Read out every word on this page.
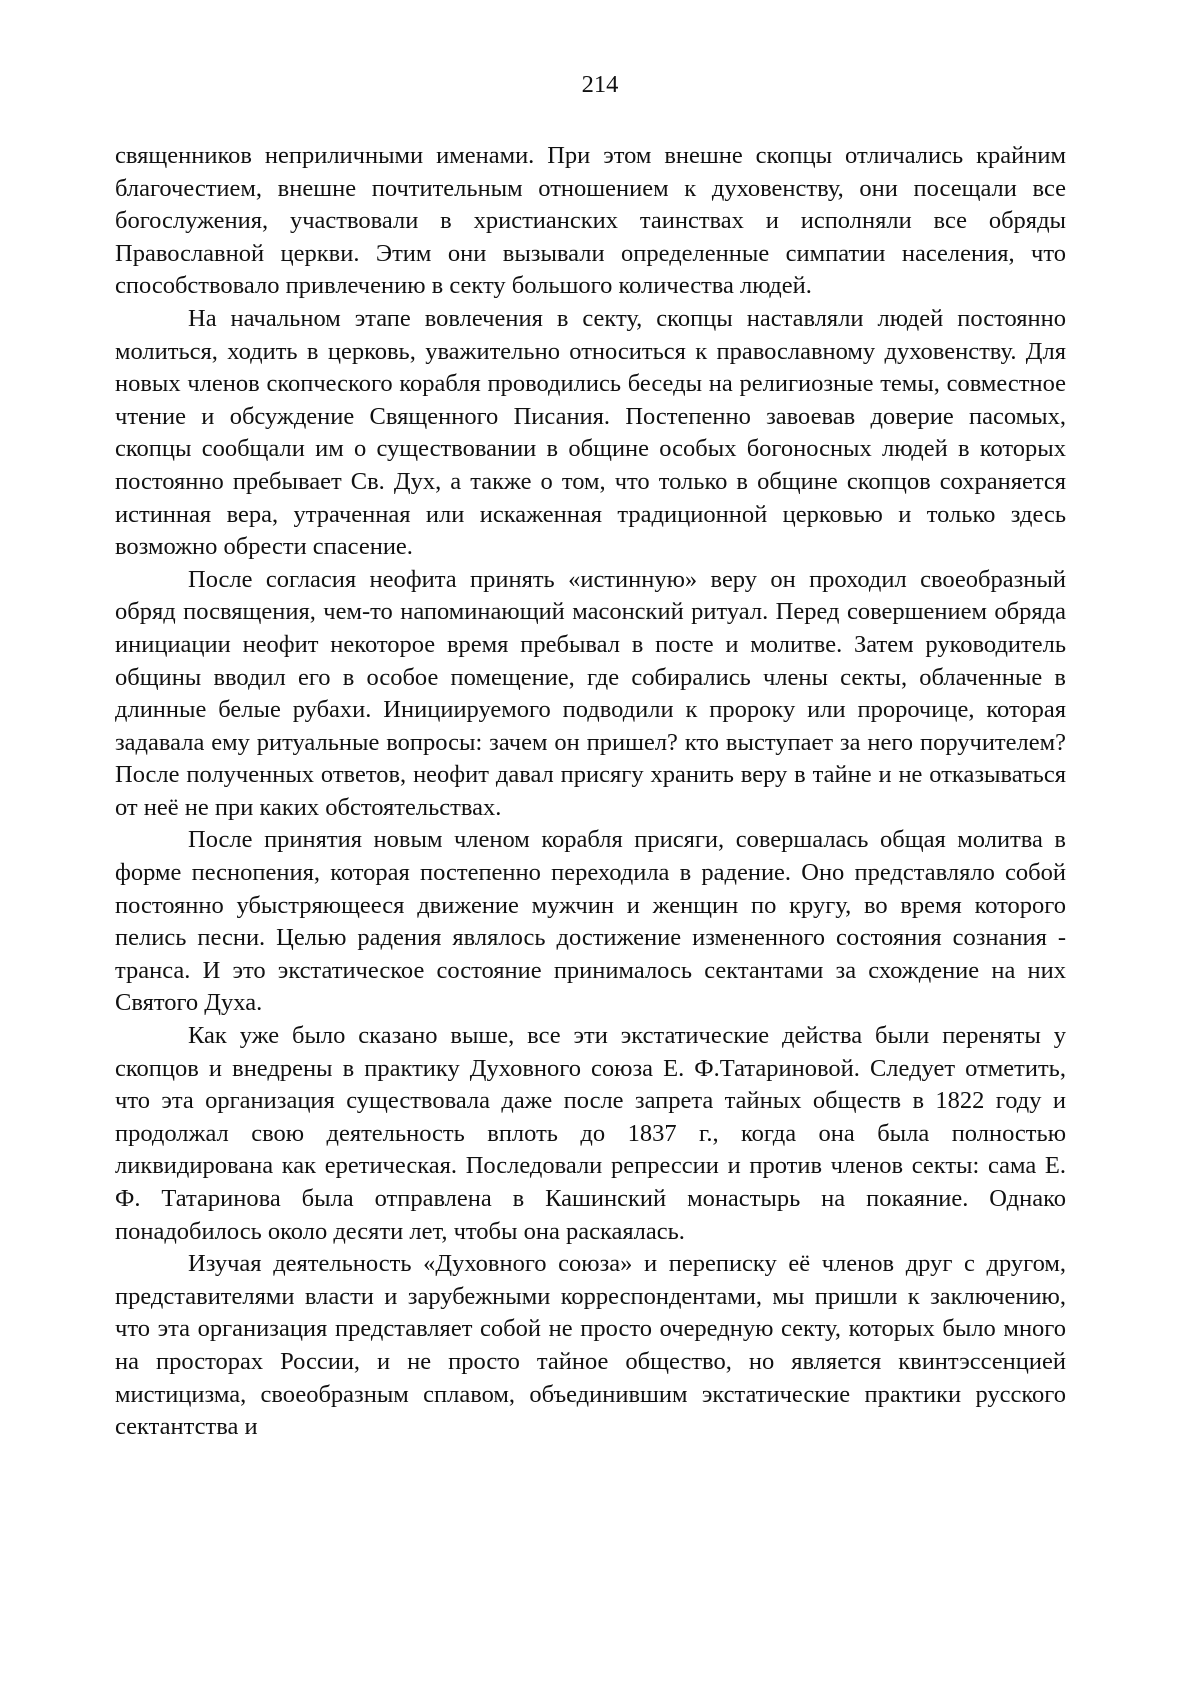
214

священников неприличными именами. При этом внешне скопцы отличались крайним благочестием, внешне почтительным отношением к духовенству, они посещали все богослужения, участвовали в христианских таинствах и исполняли все обряды Православной церкви. Этим они вызывали определенные симпатии населения, что способствовало привлечению в секту большого количества людей.

На начальном этапе вовлечения в секту, скопцы наставляли людей постоянно молиться, ходить в церковь, уважительно относиться к православному духовенству. Для новых членов скопческого корабля проводились беседы на религиозные темы, совместное чтение и обсуждение Священного Писания. Постепенно завоевав доверие пасомых, скопцы сообщали им о существовании в общине особых богоносных людей в которых постоянно пребывает Св. Дух, а также о том, что только в общине скопцов сохраняется истинная вера, утраченная или искаженная традиционной церковью и только здесь возможно обрести спасение.

После согласия неофита принять «истинную» веру он проходил своеобразный обряд посвящения, чем-то напоминающий масонский ритуал. Перед совершением обряда инициации неофит некоторое время пребывал в посте и молитве. Затем руководитель общины вводил его в особое помещение, где собирались члены секты, облаченные в длинные белые рубахи. Инициируемого подводили к пророку или пророчице, которая задавала ему ритуальные вопросы: зачем он пришел? кто выступает за него поручителем? После полученных ответов, неофит давал присягу хранить веру в тайне и не отказываться от неё не при каких обстоятельствах.

После принятия новым членом корабля присяги, совершалась общая молитва в форме песнопения, которая постепенно переходила в радение. Оно представляло собой постоянно убыстряющееся движение мужчин и женщин по кругу, во время которого пелись песни. Целью радения являлось достижение измененного состояния сознания - транса. И это экстатическое состояние принималось сектантами за схождение на них Святого Духа.

Как уже было сказано выше, все эти экстатические действа были переняты у скопцов и внедрены в практику Духовного союза Е. Ф.Татариновой. Следует отметить, что эта организация существовала даже после запрета тайных обществ в 1822 году и продолжал свою деятельность вплоть до 1837 г., когда она была полностью ликвидирована как еретическая. Последовали репрессии и против членов секты: сама Е. Ф. Татаринова была отправлена в Кашинский монастырь на покаяние. Однако понадобилось около десяти лет, чтобы она раскаялась.

Изучая деятельность «Духовного союза» и переписку её членов друг с другом, представителями власти и зарубежными корреспондентами, мы пришли к заключению, что эта организация представляет собой не просто очередную секту, которых было много на просторах России, и не просто тайное общество, но является квинтэссенцией мистицизма, своеобразным сплавом, объединившим экстатические практики русского сектантства и
